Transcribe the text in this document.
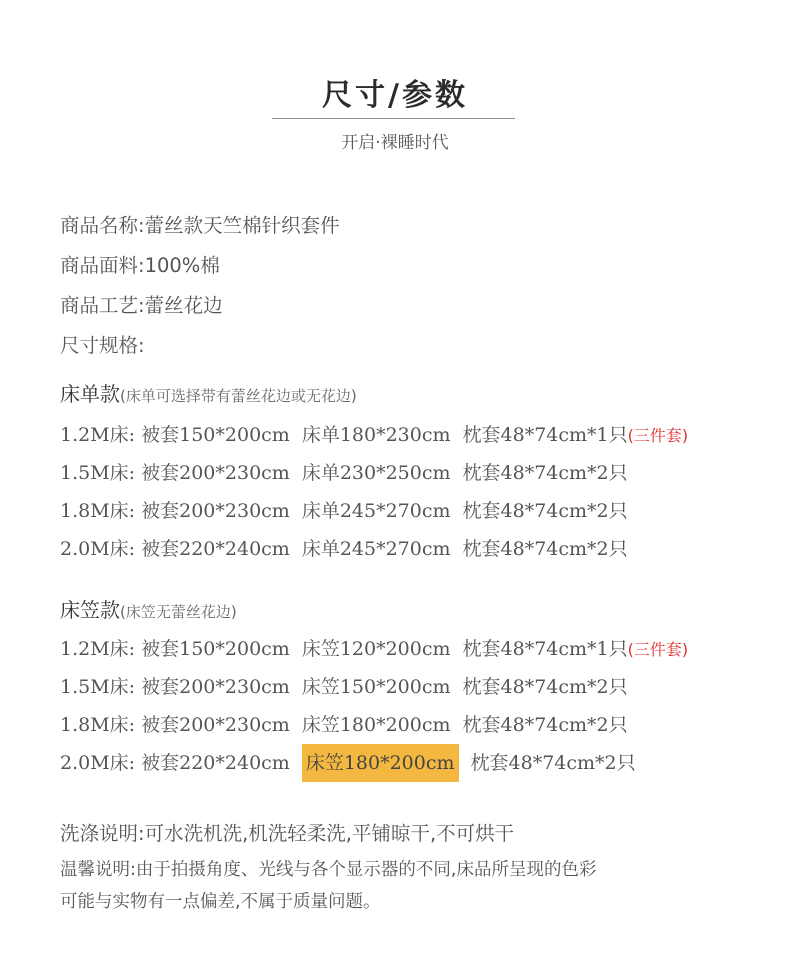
尺寸/参数
开启·裸睡时代
商品名称:蕾丝款天竺棉针织套件
商品面料:100%棉
商品工艺:蕾丝花边
尺寸规格:
床单款(床单可选择带有蕾丝花边或无花边)
1.2M床: 被套150*200cm 床单180*230cm 枕套48*74cm*1只(三件套)
1.5M床: 被套200*230cm 床单230*250cm 枕套48*74cm*2只
1.8M床: 被套200*230cm 床单245*270cm 枕套48*74cm*2只
2.0M床: 被套220*240cm 床单245*270cm 枕套48*74cm*2只
床笠款(床笠无蕾丝花边)
1.2M床: 被套150*200cm 床笠120*200cm 枕套48*74cm*1只(三件套)
1.5M床: 被套200*230cm 床笠150*200cm 枕套48*74cm*2只
1.8M床: 被套200*230cm 床笠180*200cm 枕套48*74cm*2只
2.0M床: 被套220*240cm 床笠180*200cm 枕套48*74cm*2只
洗涤说明:可水洗机洗,机洗轻柔洗,平铺晾干,不可烘干
温馨说明:由于拍摄角度、光线与各个显示器的不同,床品所呈现的色彩
可能与实物有一点偏差,不属于质量问题。
